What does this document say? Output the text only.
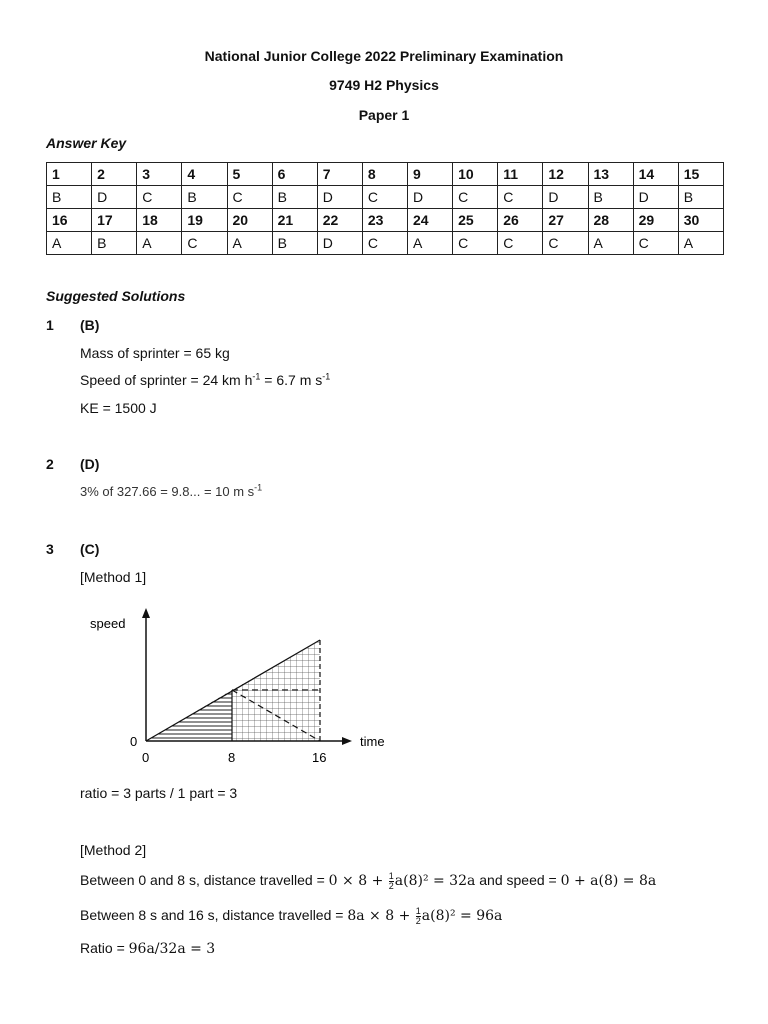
National Junior College 2022 Preliminary Examination
9749 H2 Physics
Paper 1
Answer Key
1	2	3	4	5	6	7	8	9	10	11	12	13	14	15
B	D	C	B	C	B	D	C	D	C	C	D	B	D	B
16	17	18	19	20	21	22	23	24	25	26	27	28	29	30
A	B	A	C	A	B	D	C	A	C	C	C	A	C	A
Suggested Solutions
1 (B)
Mass of sprinter = 65 kg
Speed of sprinter = 24 km $h^{-1} = 6.7$ m $s^{-1}$
KE = 1500 J
2 (D)
3% of 327.66 = 9.8... = 10 m $s^{-1}$
3 (C)
[Method 1]
speed
time
0
0	8	16
ratio = 3 parts / 1 part = 3
[Method 2]
Between 0 and 8 s, distance travelled = $0 \times 8 + \frac{1}{2} a(8)^2 = 32a$ and speed = 0 + a(8) = 8a
Between 8 s and 16 s, distance travelled = $8a \times 8 + \frac{1}{2} a(8)^2 = 96a$
Ratio = 96a/32a = 3
